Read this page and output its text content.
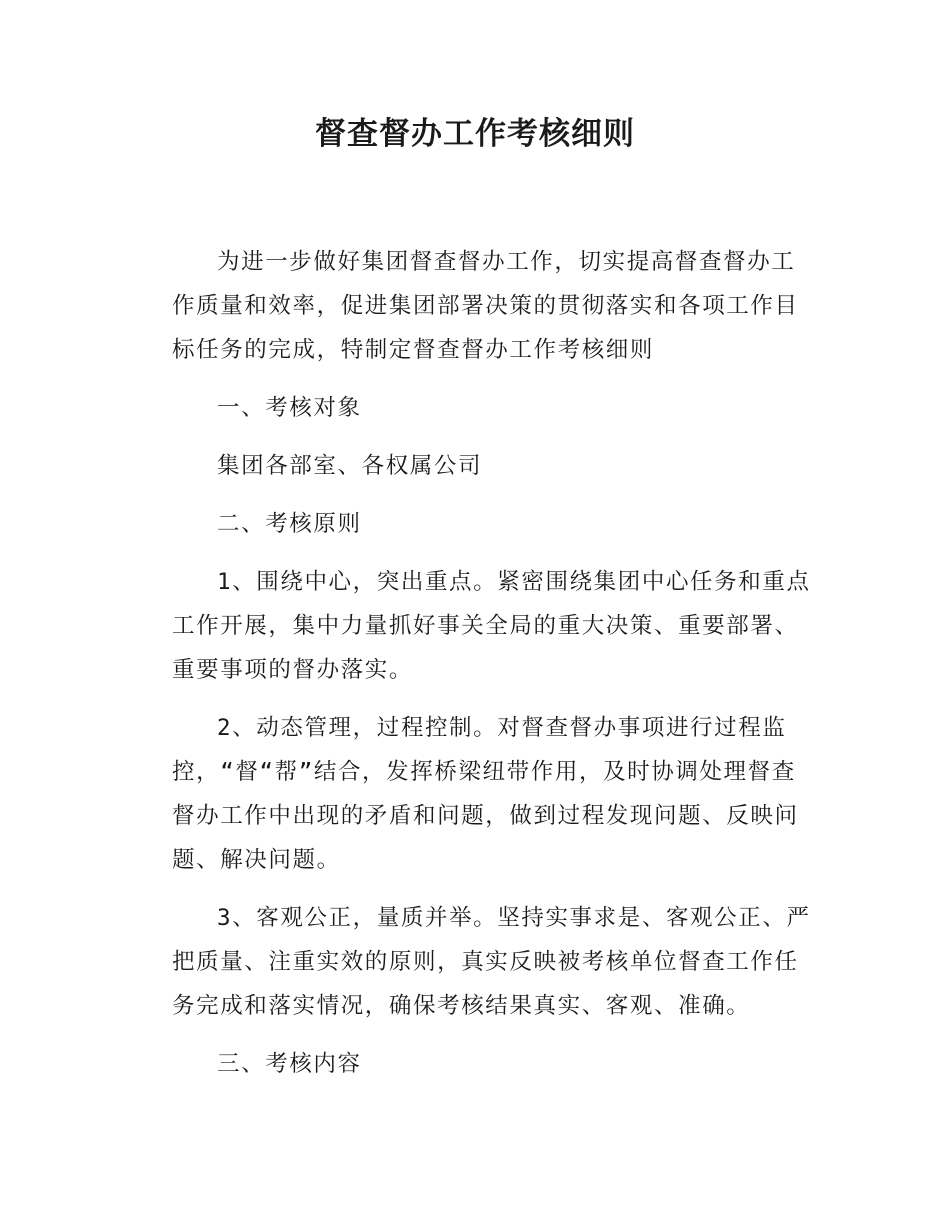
督查督办工作考核细则

为进一步做好集团督查督办工作，切实提高督查督办工作质量和效率，促进集团部署决策的贯彻落实和各项工作目标任务的完成，特制定督查督办工作考核细则

一、考核对象

集团各部室、各权属公司

二、考核原则

1、围绕中心，突出重点。紧密围绕集团中心任务和重点工作开展，集中力量抓好事关全局的重大决策、重要部署、重要事项的督办落实。

2、动态管理，过程控制。对督查督办事项进行过程监控，“督“帮”结合，发挥桥梁纽带作用，及时协调处理督查督办工作中出现的矛盾和问题，做到过程发现问题、反映问题、解决问题。

3、客观公正，量质并举。坚持实事求是、客观公正、严把质量、注重实效的原则，真实反映被考核单位督查工作任务完成和落实情况，确保考核结果真实、客观、准确。

三、考核内容
